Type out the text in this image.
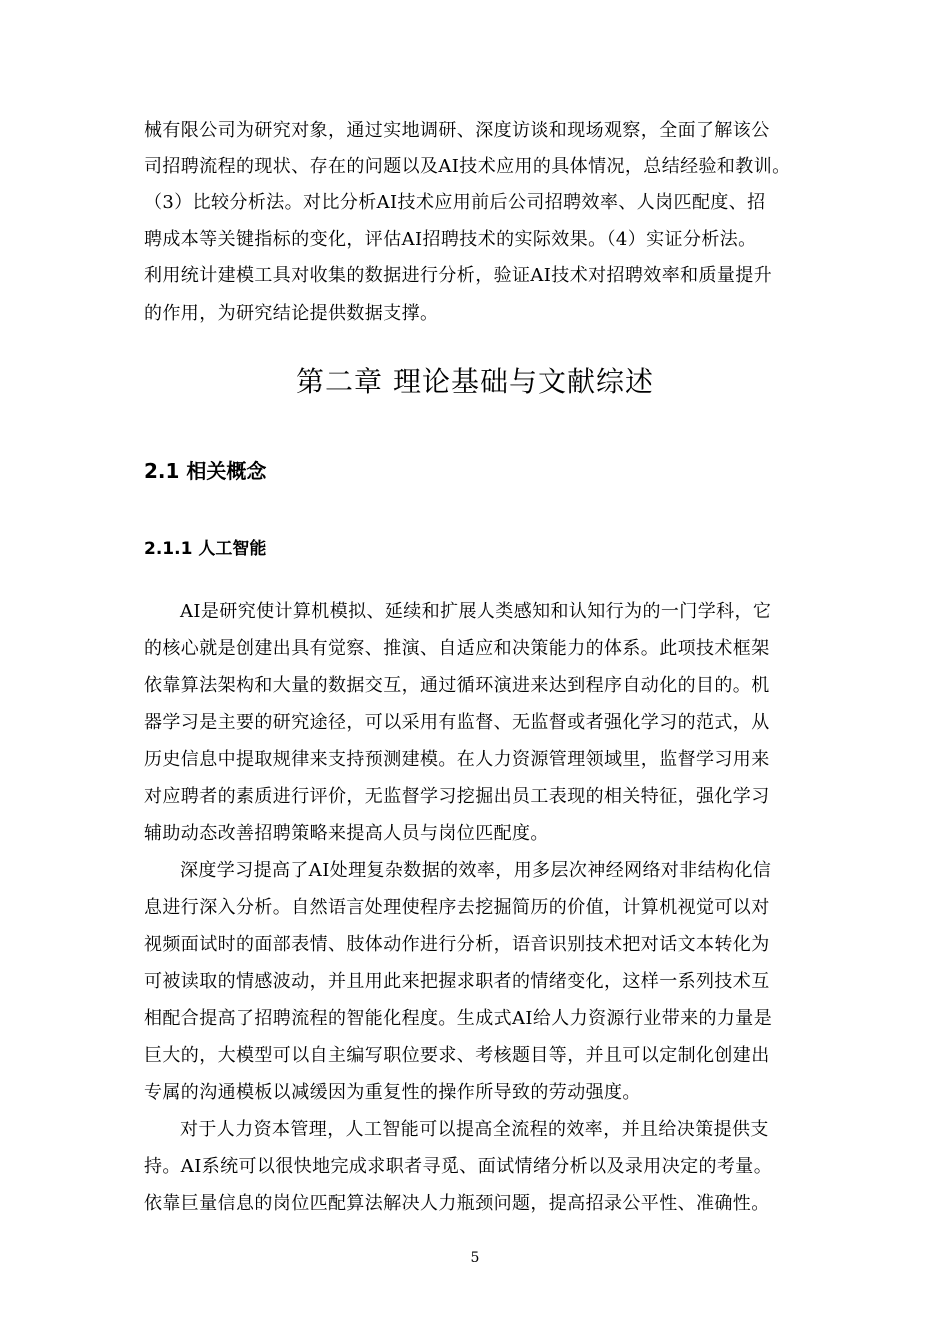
械有限公司为研究对象，通过实地调研、深度访谈和现场观察，全面了解该公
司招聘流程的现状、存在的问题以及AI技术应用的具体情况，总结经验和教训。
（3）比较分析法。对比分析AI技术应用前后公司招聘效率、人岗匹配度、招
聘成本等关键指标的变化，评估AI招聘技术的实际效果。（4）实证分析法。
利用统计建模工具对收集的数据进行分析，验证AI技术对招聘效率和质量提升
的作用，为研究结论提供数据支撑。
第二章 理论基础与文献综述
2.1 相关概念
2.1.1 人工智能
AI是研究使计算机模拟、延续和扩展人类感知和认知行为的一门学科，它
的核心就是创建出具有觉察、推演、自适应和决策能力的体系。此项技术框架
依靠算法架构和大量的数据交互，通过循环演进来达到程序自动化的目的。机
器学习是主要的研究途径，可以采用有监督、无监督或者强化学习的范式，从
历史信息中提取规律来支持预测建模。在人力资源管理领域里，监督学习用来
对应聘者的素质进行评价，无监督学习挖掘出员工表现的相关特征，强化学习
辅助动态改善招聘策略来提高人员与岗位匹配度。
深度学习提高了AI处理复杂数据的效率，用多层次神经网络对非结构化信
息进行深入分析。自然语言处理使程序去挖掘简历的价值，计算机视觉可以对
视频面试时的面部表情、肢体动作进行分析，语音识别技术把对话文本转化为
可被读取的情感波动，并且用此来把握求职者的情绪变化，这样一系列技术互
相配合提高了招聘流程的智能化程度。生成式AI给人力资源行业带来的力量是
巨大的，大模型可以自主编写职位要求、考核题目等，并且可以定制化创建出
专属的沟通模板以减缓因为重复性的操作所导致的劳动强度。
对于人力资本管理，人工智能可以提高全流程的效率，并且给决策提供支
持。AI系统可以很快地完成求职者寻觅、面试情绪分析以及录用决定的考量。
依靠巨量信息的岗位匹配算法解决人力瓶颈问题，提高招录公平性、准确性。
5
